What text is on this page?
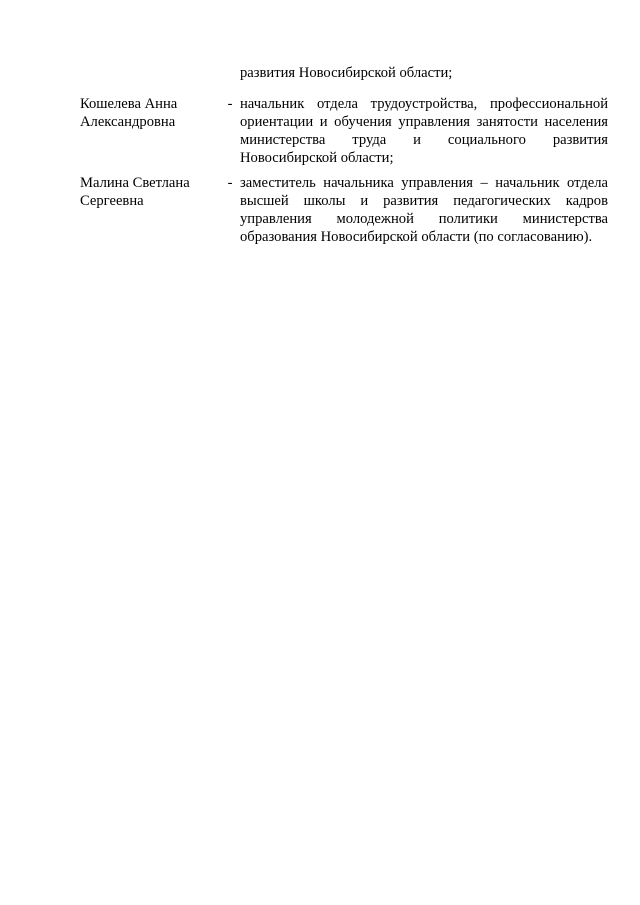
развития Новосибирской области;
Кошелева Анна
Александровна
- начальник отдела трудоустройства, профессиональной ориентации и обучения управления занятости населения министерства труда и социального развития Новосибирской области;
Малина Светлана
Сергеевна
- заместитель начальника управления – начальник отдела высшей школы и развития педагогических кадров управления молодежной политики министерства образования Новосибирской области (по согласованию).
